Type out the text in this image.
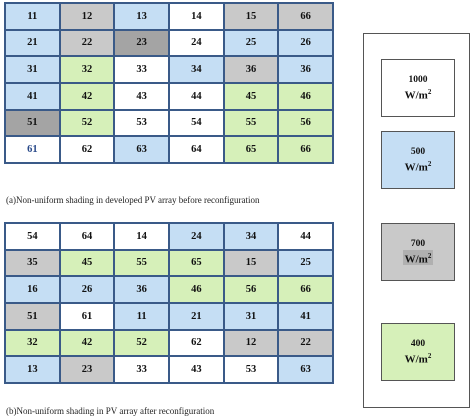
11	12	13	14	15	66
21	22	23	24	25	26
31	32	33	34	36	36
41	42	43	44	45	46
51	52	53	54	55	56
61	62	63	64	65	66
(a)Non-uniform shading in developed PV array before reconfiguration
54	64	14	24	34	44
35	45	55	65	15	25
16	26	36	46	56	66
51	61	11	21	31	41
32	42	52	62	12	22
13	23	33	43	53	63
(b)Non-uniform shading in PV array after reconfiguration
1000
$W/m^2$
500
$W/m^2$
700
$W/m^2$
400
$W/m^2$
